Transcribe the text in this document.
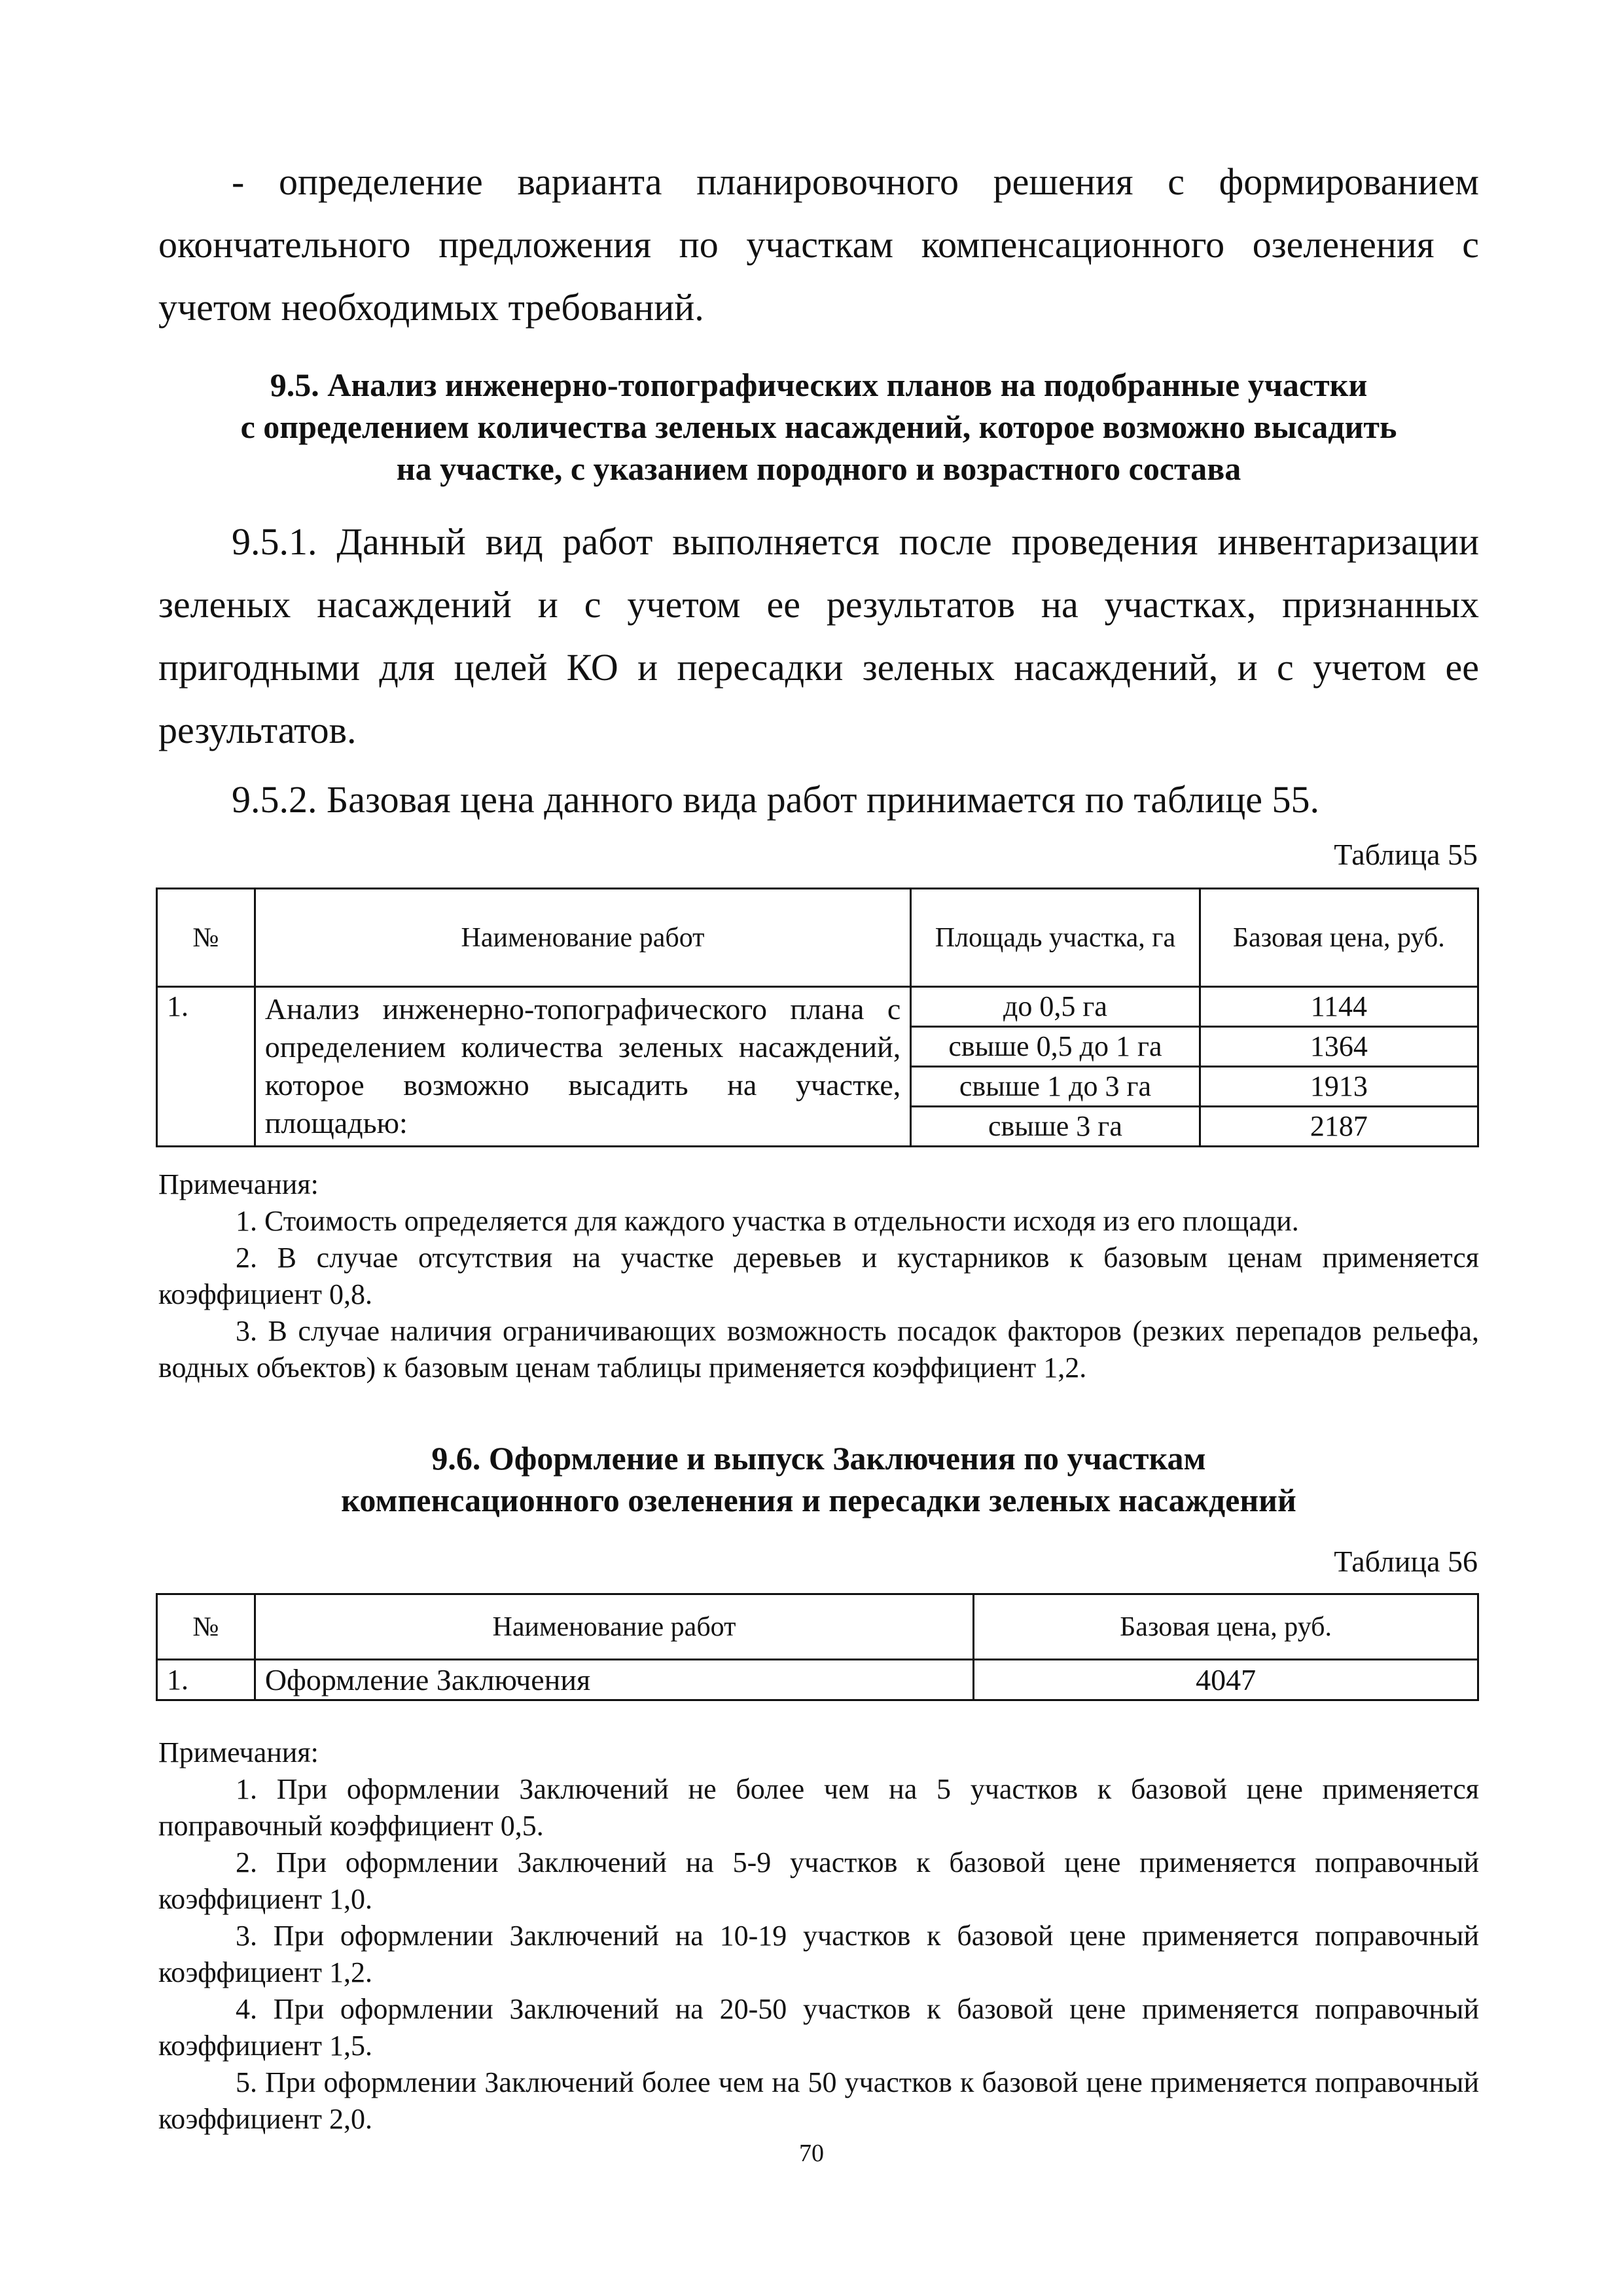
- определение варианта планировочного решения с формированием окончательного предложения по участкам компенсационного озеленения с учетом необходимых требований.

9.5. Анализ инженерно-топографических планов на подобранные участки
с определением количества зеленых насаждений, которое возможно высадить
на участке, с указанием породного и возрастного состава

9.5.1. Данный вид работ выполняется после проведения инвентаризации зеленых насаждений и с учетом ее результатов на участках, признанных пригодными для целей КО и пересадки зеленых насаждений, и с учетом ее результатов.

9.5.2. Базовая цена данного вида работ принимается по таблице 55.

Таблица 55
№	Наименование работ	Площадь участка, га	Базовая цена, руб.
1.	Анализ инженерно-топографического плана с определением количества зеленых насаждений, которое возможно высадить на участке, площадью:	до 0,5 га	1144
		свыше 0,5 до 1 га	1364
		свыше 1 до 3 га	1913
		свыше 3 га	2187

Примечания:

1. Стоимость определяется для каждого участка в отдельности исходя из его площади.

2. В случае отсутствия на участке деревьев и кустарников к базовым ценам применяется коэффициент 0,8.

3. В случае наличия ограничивающих возможность посадок факторов (резких перепадов рельефа, водных объектов) к базовым ценам таблицы применяется коэффициент 1,2.

9.6. Оформление и выпуск Заключения по участкам
компенсационного озеленения и пересадки зеленых насаждений
Таблица 56
№	Наименование работ	Базовая цена, руб.
1.	Оформление Заключения	4047

Примечания:

1. При оформлении Заключений не более чем на 5 участков к базовой цене применяется поправочный коэффициент 0,5.

2. При оформлении Заключений на 5-9 участков к базовой цене применяется поправочный коэффициент 1,0.

3. При оформлении Заключений на 10-19 участков к базовой цене применяется поправочный коэффициент 1,2.

4. При оформлении Заключений на 20-50 участков к базовой цене применяется поправочный коэффициент 1,5.

5. При оформлении Заключений более чем на 50 участков к базовой цене применяется поправочный коэффициент 2,0.

70
